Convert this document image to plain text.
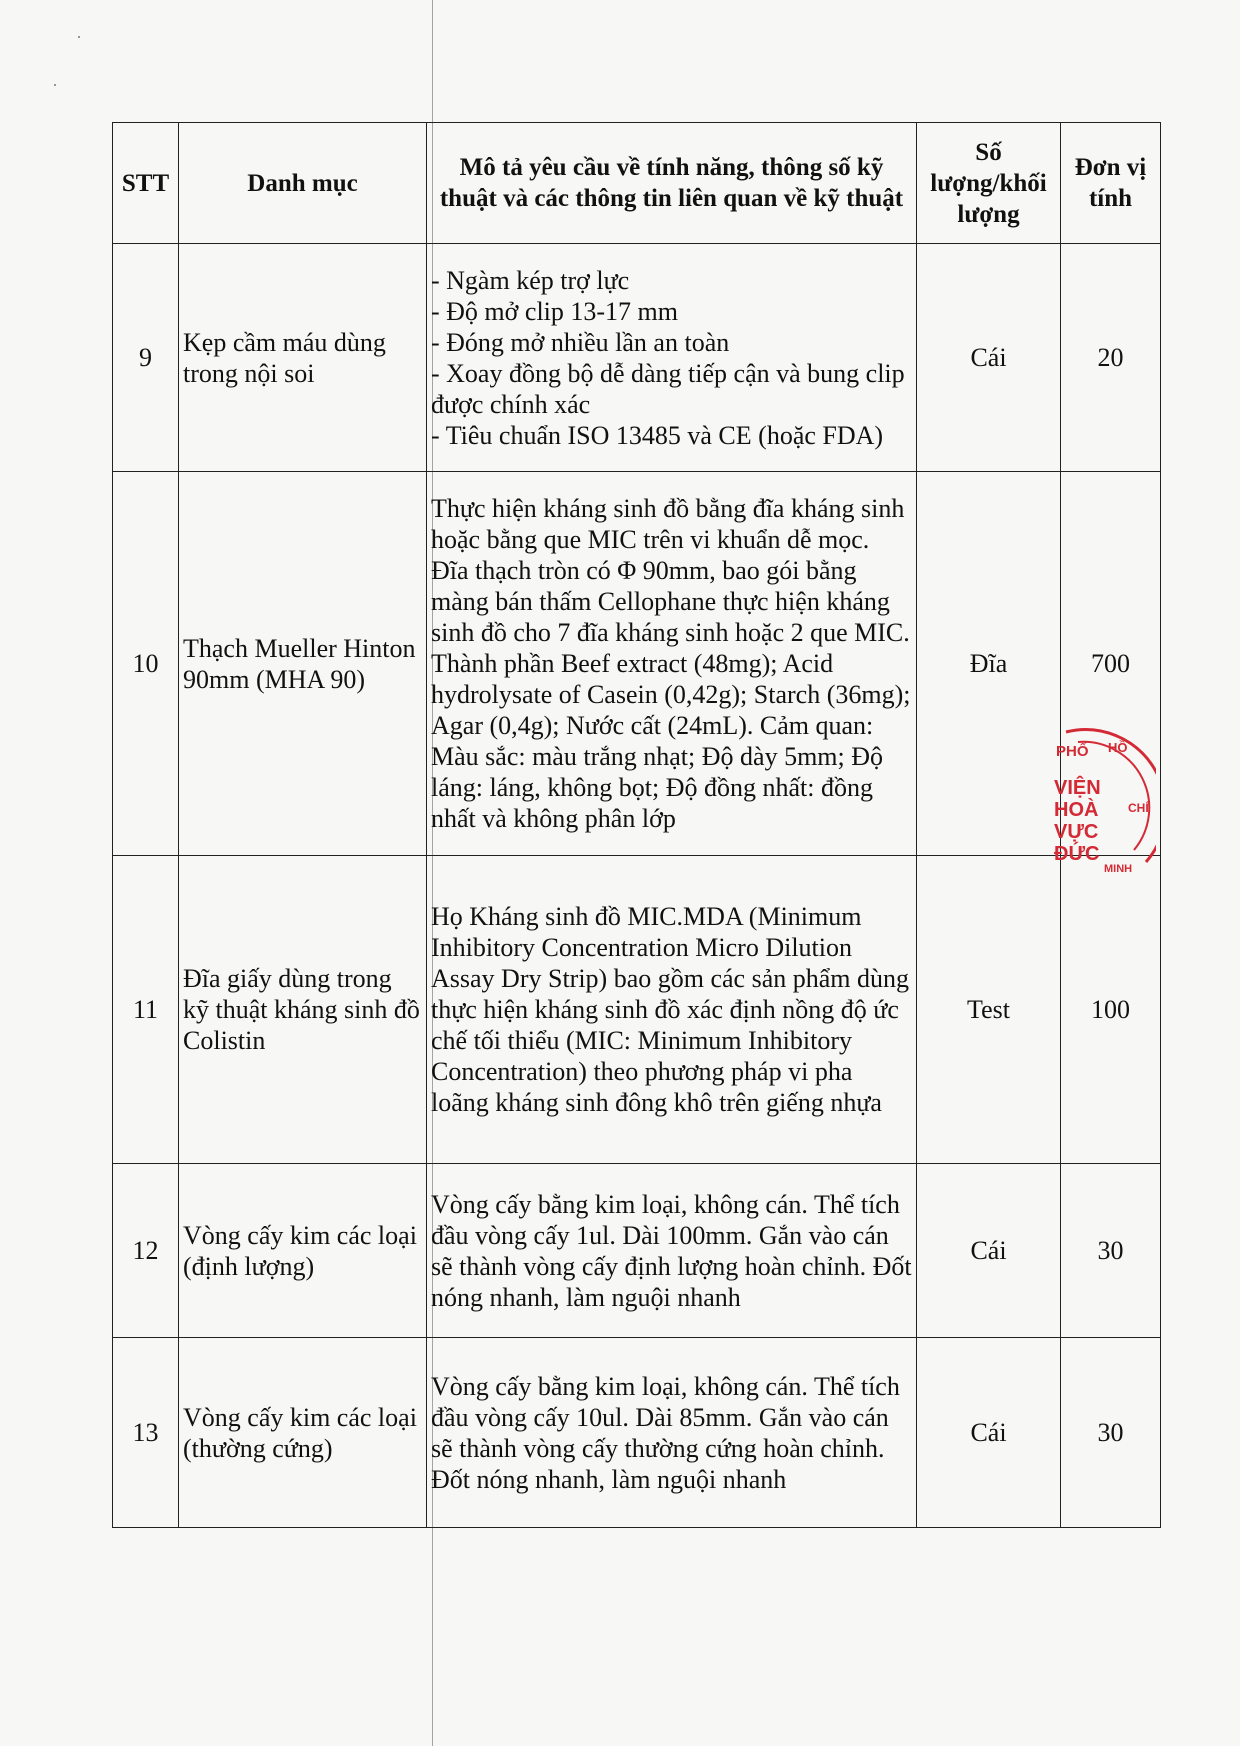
STT	Danh mục	Mô tả yêu cầu về tính năng, thông số kỹ thuật và các thông tin liên quan về kỹ thuật	Số lượng/khối lượng	Đơn vị tính
9	Kẹp cầm máu dùng trong nội soi	- Ngàm kép trợ lực
- Độ mở clip 13-17 mm
- Đóng mở nhiều lần an toàn
- Xoay đồng bộ dễ dàng tiếp cận và bung clip được chính xác
- Tiêu chuẩn ISO 13485 và CE (hoặc FDA)	Cái	20
10	Thạch Mueller Hinton 90mm (MHA 90)	Thực hiện kháng sinh đồ bằng đĩa kháng sinh hoặc bằng que MIC trên vi khuẩn dễ mọc. Đĩa thạch tròn có Φ 90mm, bao gói bằng màng bán thấm Cellophane thực hiện kháng sinh đồ cho 7 đĩa kháng sinh hoặc 2 que MIC. Thành phần Beef extract (48mg); Acid hydrolysate of Casein (0,42g); Starch (36mg); Agar (0,4g); Nước cất (24mL). Cảm quan: Màu sắc: màu trắng nhạt; Độ dày 5mm; Độ láng: láng, không bọt; Độ đồng nhất: đồng nhất và không phân lớp	Đĩa	700
11	Đĩa giấy dùng trong kỹ thuật kháng sinh đồ Colistin	Họ Kháng sinh đồ MIC.MDA (Minimum Inhibitory Concentration Micro Dilution Assay Dry Strip) bao gồm các sản phẩm dùng thực hiện kháng sinh đồ xác định nồng độ ức chế tối thiểu (MIC: Minimum Inhibitory Concentration) theo phương pháp vi pha loãng kháng sinh đông khô trên giếng nhựa	Test	100
12	Vòng cấy kim các loại (định lượng)	Vòng cấy bằng kim loại, không cán. Thể tích đầu vòng cấy 1ul. Dài 100mm. Gắn vào cán sẽ thành vòng cấy định lượng hoàn chỉnh. Đốt nóng nhanh, làm nguội nhanh	Cái	30
13	Vòng cấy kim các loại (thường cứng)	Vòng cấy bằng kim loại, không cán. Thể tích đầu vòng cấy 10ul. Dài 85mm. Gắn vào cán sẽ thành vòng cấy thường cứng hoàn chỉnh. Đốt nóng nhanh, làm nguội nhanh	Cái	30
PHỐ HỒ
VIỆN
HOÀ
VỰC
ĐỨC
CHÍ
MINH
